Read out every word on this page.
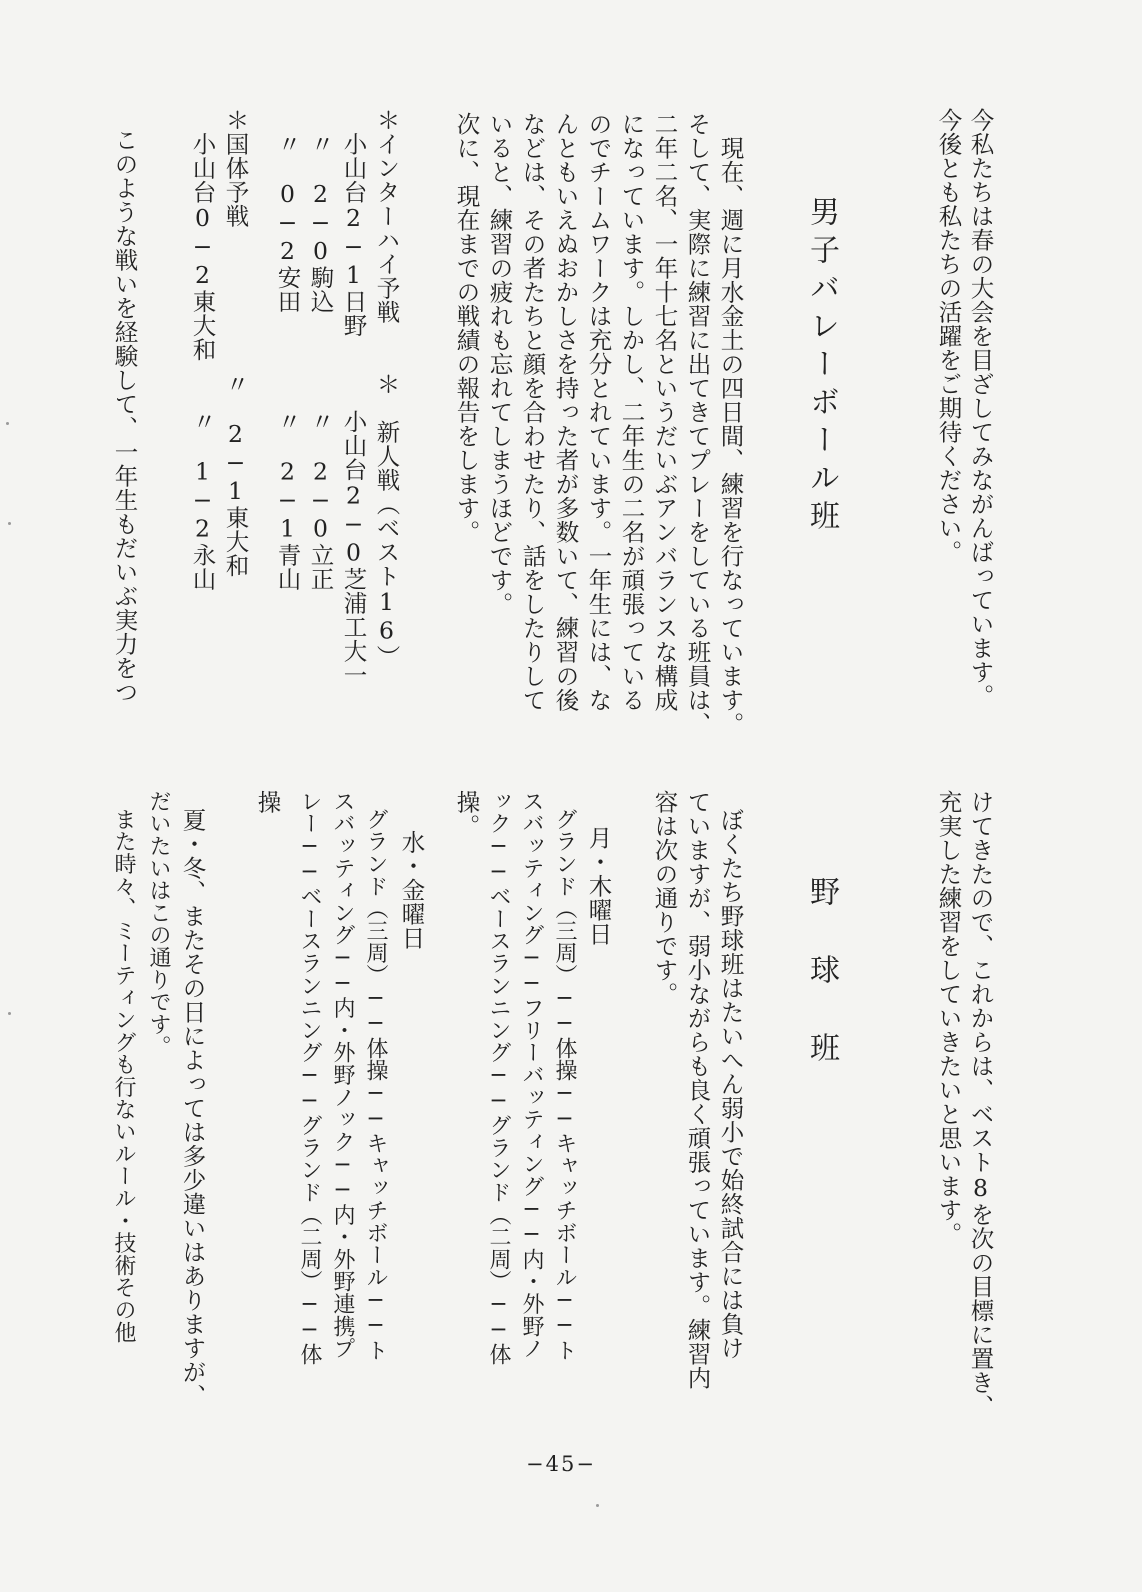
今私たちは春の大会を目ざしてみながんばっています。
今後とも私たちの活躍をご期待ください。
男子バレーボール班
現在、週に月水金土の四日間、練習を行なっています。
そして、実際に練習に出てきてプレーをしている班員は、
二年二名、一年十七名というだいぶアンバランスな構成
になっています。しかし、二年生の二名が頑張っている
のでチームワークは充分とれています。一年生には、な
んともいえぬおかしさを持った者が多数いて、練習の後
などは、その者たちと顔を合わせたり、話をしたりして
いると、練習の疲れも忘れてしまうほどです。
次に、現在までの戦績の報告をします。
＊インターハイ予戦　　＊　新人戦（ベスト16）
　小山台2−1日野　　　小山台2−0芝浦工大一
　〃　2−0駒込　　　　〃　2−0立正
　〃　0−2安田　　　　〃　2−1青山
＊国体予戦　　　　　　〃　2−1東大和
　小山台0−2東大和　　〃　1−2永山
このような戦いを経験して、一年生もだいぶ実力をつ
けてきたので、これからは、ベスト8を次の目標に置き、
充実した練習をしていきたいと思います。
野球班
ぼくたち野球班はたいへん弱小で始終試合には負け
ていますが、弱小ながらも良く頑張っています。練習内
容は次の通りです。
月・木曜日
グランド（三周）──体操──キャッチボール──ト
スバッティング──フリーバッティング──内・外野ノ
ック──ベースランニング──グランド（二周）──体
操。
水・金曜日
グランド（三周）──体操──キャッチボール──ト
スバッティング──内・外野ノック──内・外野連携プ
レー──ベースランニング──グランド（二周）──体
操
夏・冬、またその日によっては多少違いはありますが、
だいたいはこの通りです。
また時々、ミーティングも行ないルール・技術その他
−45−
